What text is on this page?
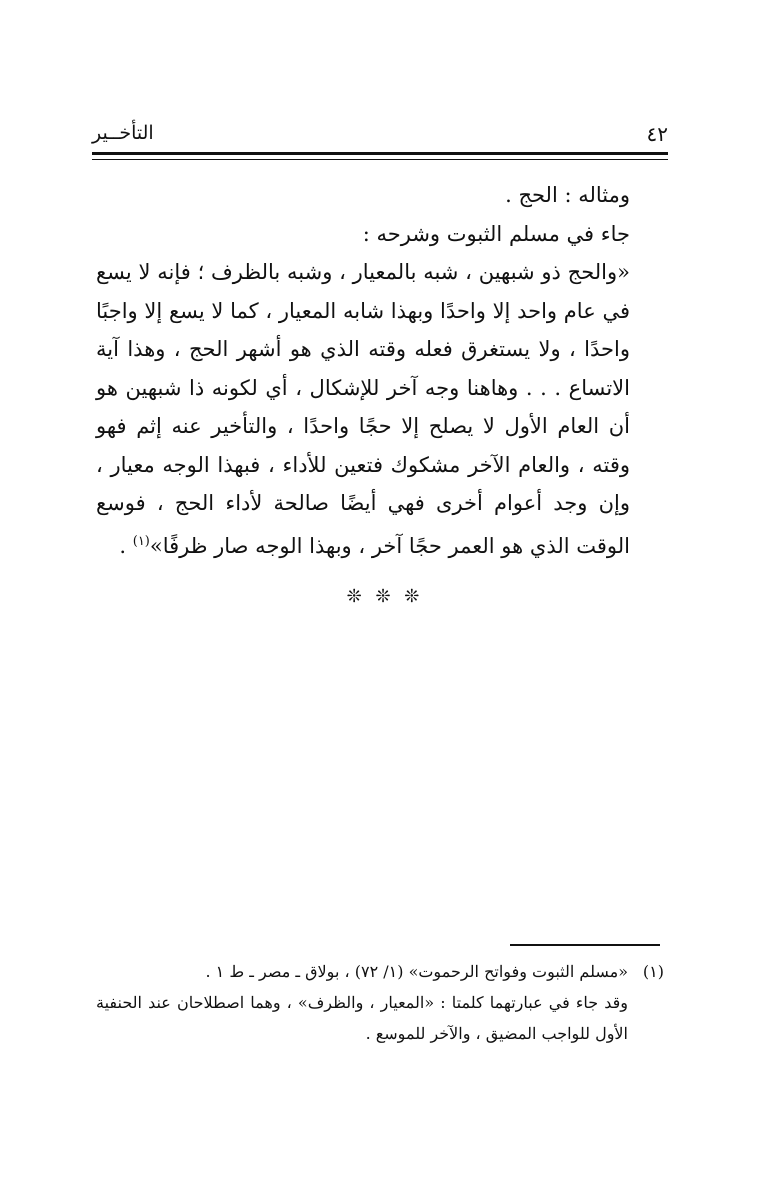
٤٢
التأخــير

ومثاله : الحج .

جاء في مسلم الثبوت وشرحه :

«والحج ذو شبهين ، شبه بالمعيار ، وشبه بالظرف ؛ فإنه لا يسع في عام واحد إلا واحدًا وبهذا شابه المعيار ، كما لا يسع إلا واجبًا واحدًا ، ولا يستغرق فعله وقته الذي هو أشهر الحج ، وهذا آية الاتساع . . . وهاهنا وجه آخر للإشكال ، أي لكونه ذا شبهين هو أن العام الأول لا يصلح إلا حجًا واحدًا ، والتأخير عنه إثم فهو وقته ، والعام الآخر مشكوك فتعين للأداء ، فبهذا الوجه معيار ، وإن وجد أعوام أخرى فهي أيضًا صالحة لأداء الحج ، فوسع الوقت الذي هو العمر حجًا آخر ، وبهذا الوجه صار ظرفًا»$^{(١)}$ .

❊ ❊ ❊

(١)«مسلم الثبوت وفواتح الرحموت» (١/ ٧٢) ، بولاق ـ مصر ـ ط ١ .

وقد جاء في عبارتهما كلمتا : «المعيار ، والظرف» ، وهما اصطلاحان عند الحنفية الأول للواجب المضيق ، والآخر للموسع .
